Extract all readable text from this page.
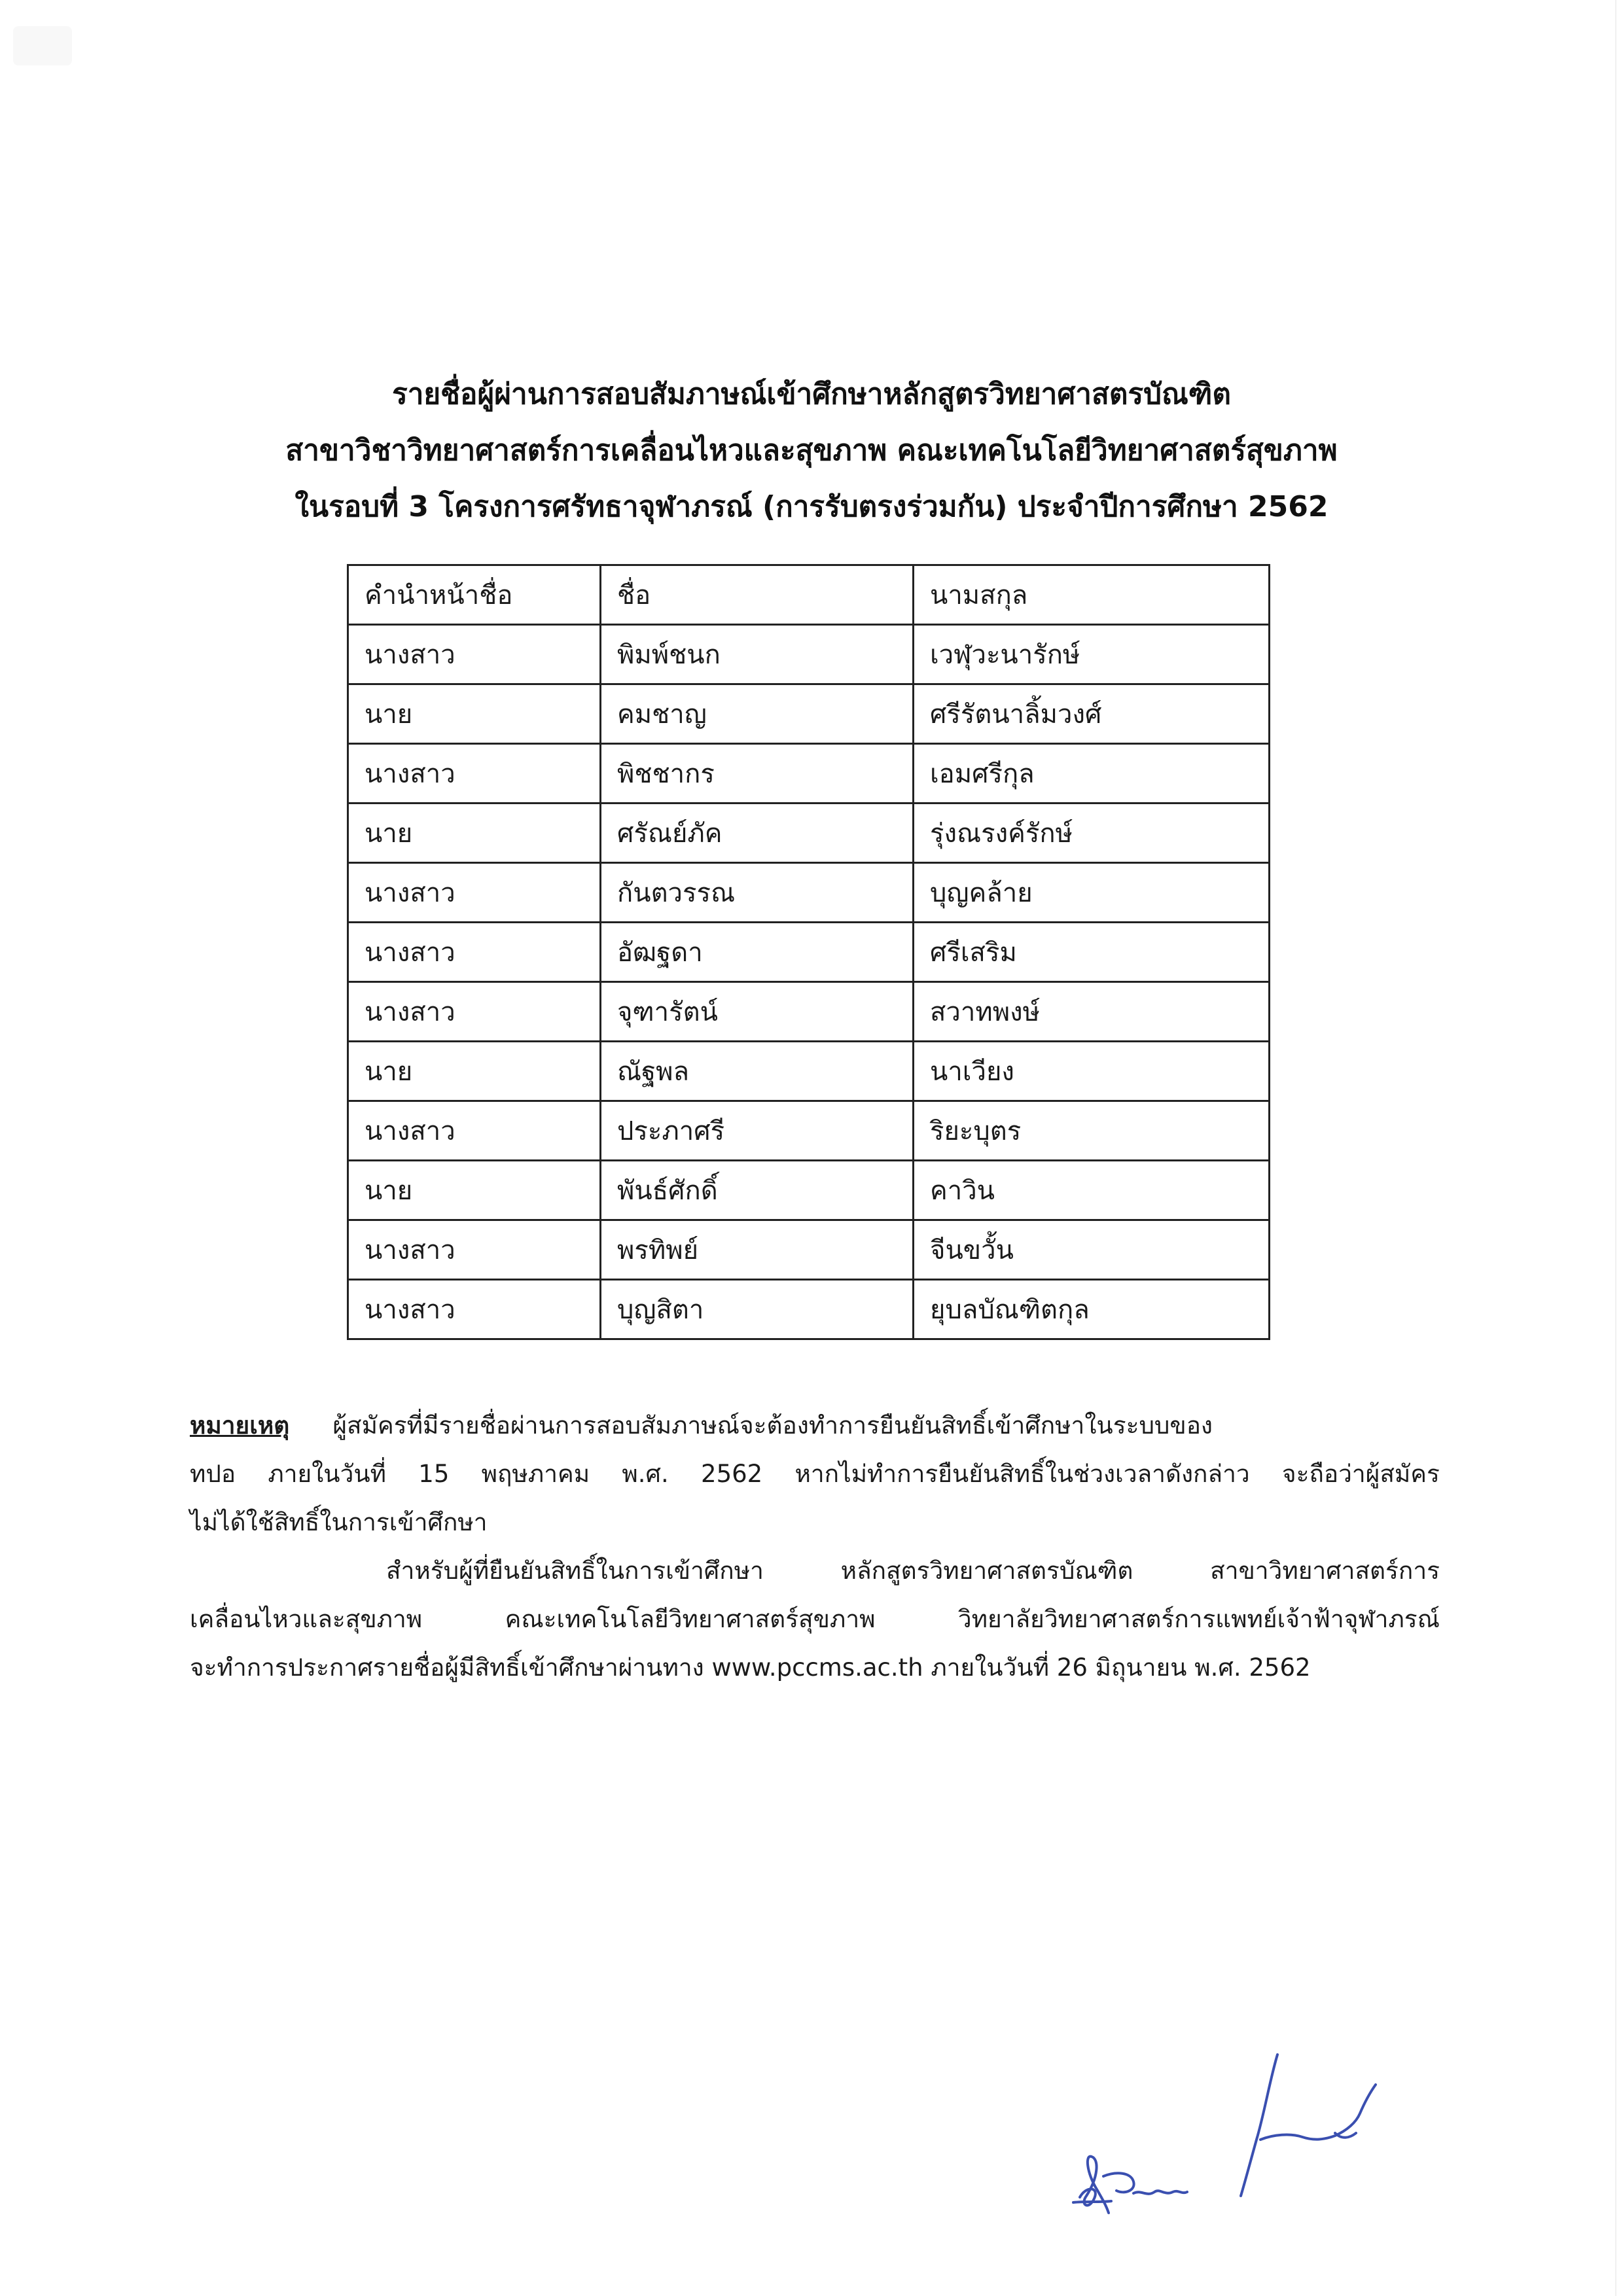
รายชื่อผู้ผ่านการสอบสัมภาษณ์เข้าศึกษาหลักสูตรวิทยาศาสตรบัณฑิต
สาขาวิชาวิทยาศาสตร์การเคลื่อนไหวและสุขภาพ คณะเทคโนโลยีวิทยาศาสตร์สุขภาพ
ในรอบที่ 3 โครงการศรัทธาจุฬาภรณ์ (การรับตรงร่วมกัน) ประจำปีการศึกษา 2562
คำนำหน้าชื่อ	ชื่อ	นามสกุล
นางสาว	พิมพ์ชนก	เวฬุวะนารักษ์
นาย	คมชาญ	ศรีรัตนาลิ้มวงศ์
นางสาว	พิชชากร	เอมศรีกุล
นาย	ศรัณย์ภัค	รุ่งณรงค์รักษ์
นางสาว	กันตวรรณ	บุญคล้าย
นางสาว	อัฒฐดา	ศรีเสริม
นางสาว	จุฑารัตน์	สวาทพงษ์
นาย	ณัฐพล	นาเวียง
นางสาว	ประภาศรี	ริยะบุตร
นาย	พันธ์ศักดิ์	คาวิน
นางสาว	พรทิพย์	จีนขวั้น
นางสาว	บุญสิตา	ยุบลบัณฑิตกุล
หมายเหตุ ผู้สมัครที่มีรายชื่อผ่านการสอบสัมภาษณ์จะต้องทำการยืนยันสิทธิ์เข้าศึกษาในระบบของ
ทปอ ภายในวันที่ 15 พฤษภาคม พ.ศ. 2562 หากไม่ทำการยืนยันสิทธิ์ในช่วงเวลาดังกล่าว จะถือว่าผู้สมัคร
ไม่ได้ใช้สิทธิ์ในการเข้าศึกษา
สำหรับผู้ที่ยืนยันสิทธิ์ในการเข้าศึกษา	หลักสูตรวิทยาศาสตรบัณฑิต	สาขาวิทยาศาสตร์การ
เคลื่อนไหวและสุขภาพ	คณะเทคโนโลยีวิทยาศาสตร์สุขภาพ	วิทยาลัยวิทยาศาสตร์การแพทย์เจ้าฟ้าจุฬาภรณ์
จะทำการประกาศรายชื่อผู้มีสิทธิ์เข้าศึกษาผ่านทาง www.pccms.ac.th ภายในวันที่ 26 มิถุนายน พ.ศ. 2562
